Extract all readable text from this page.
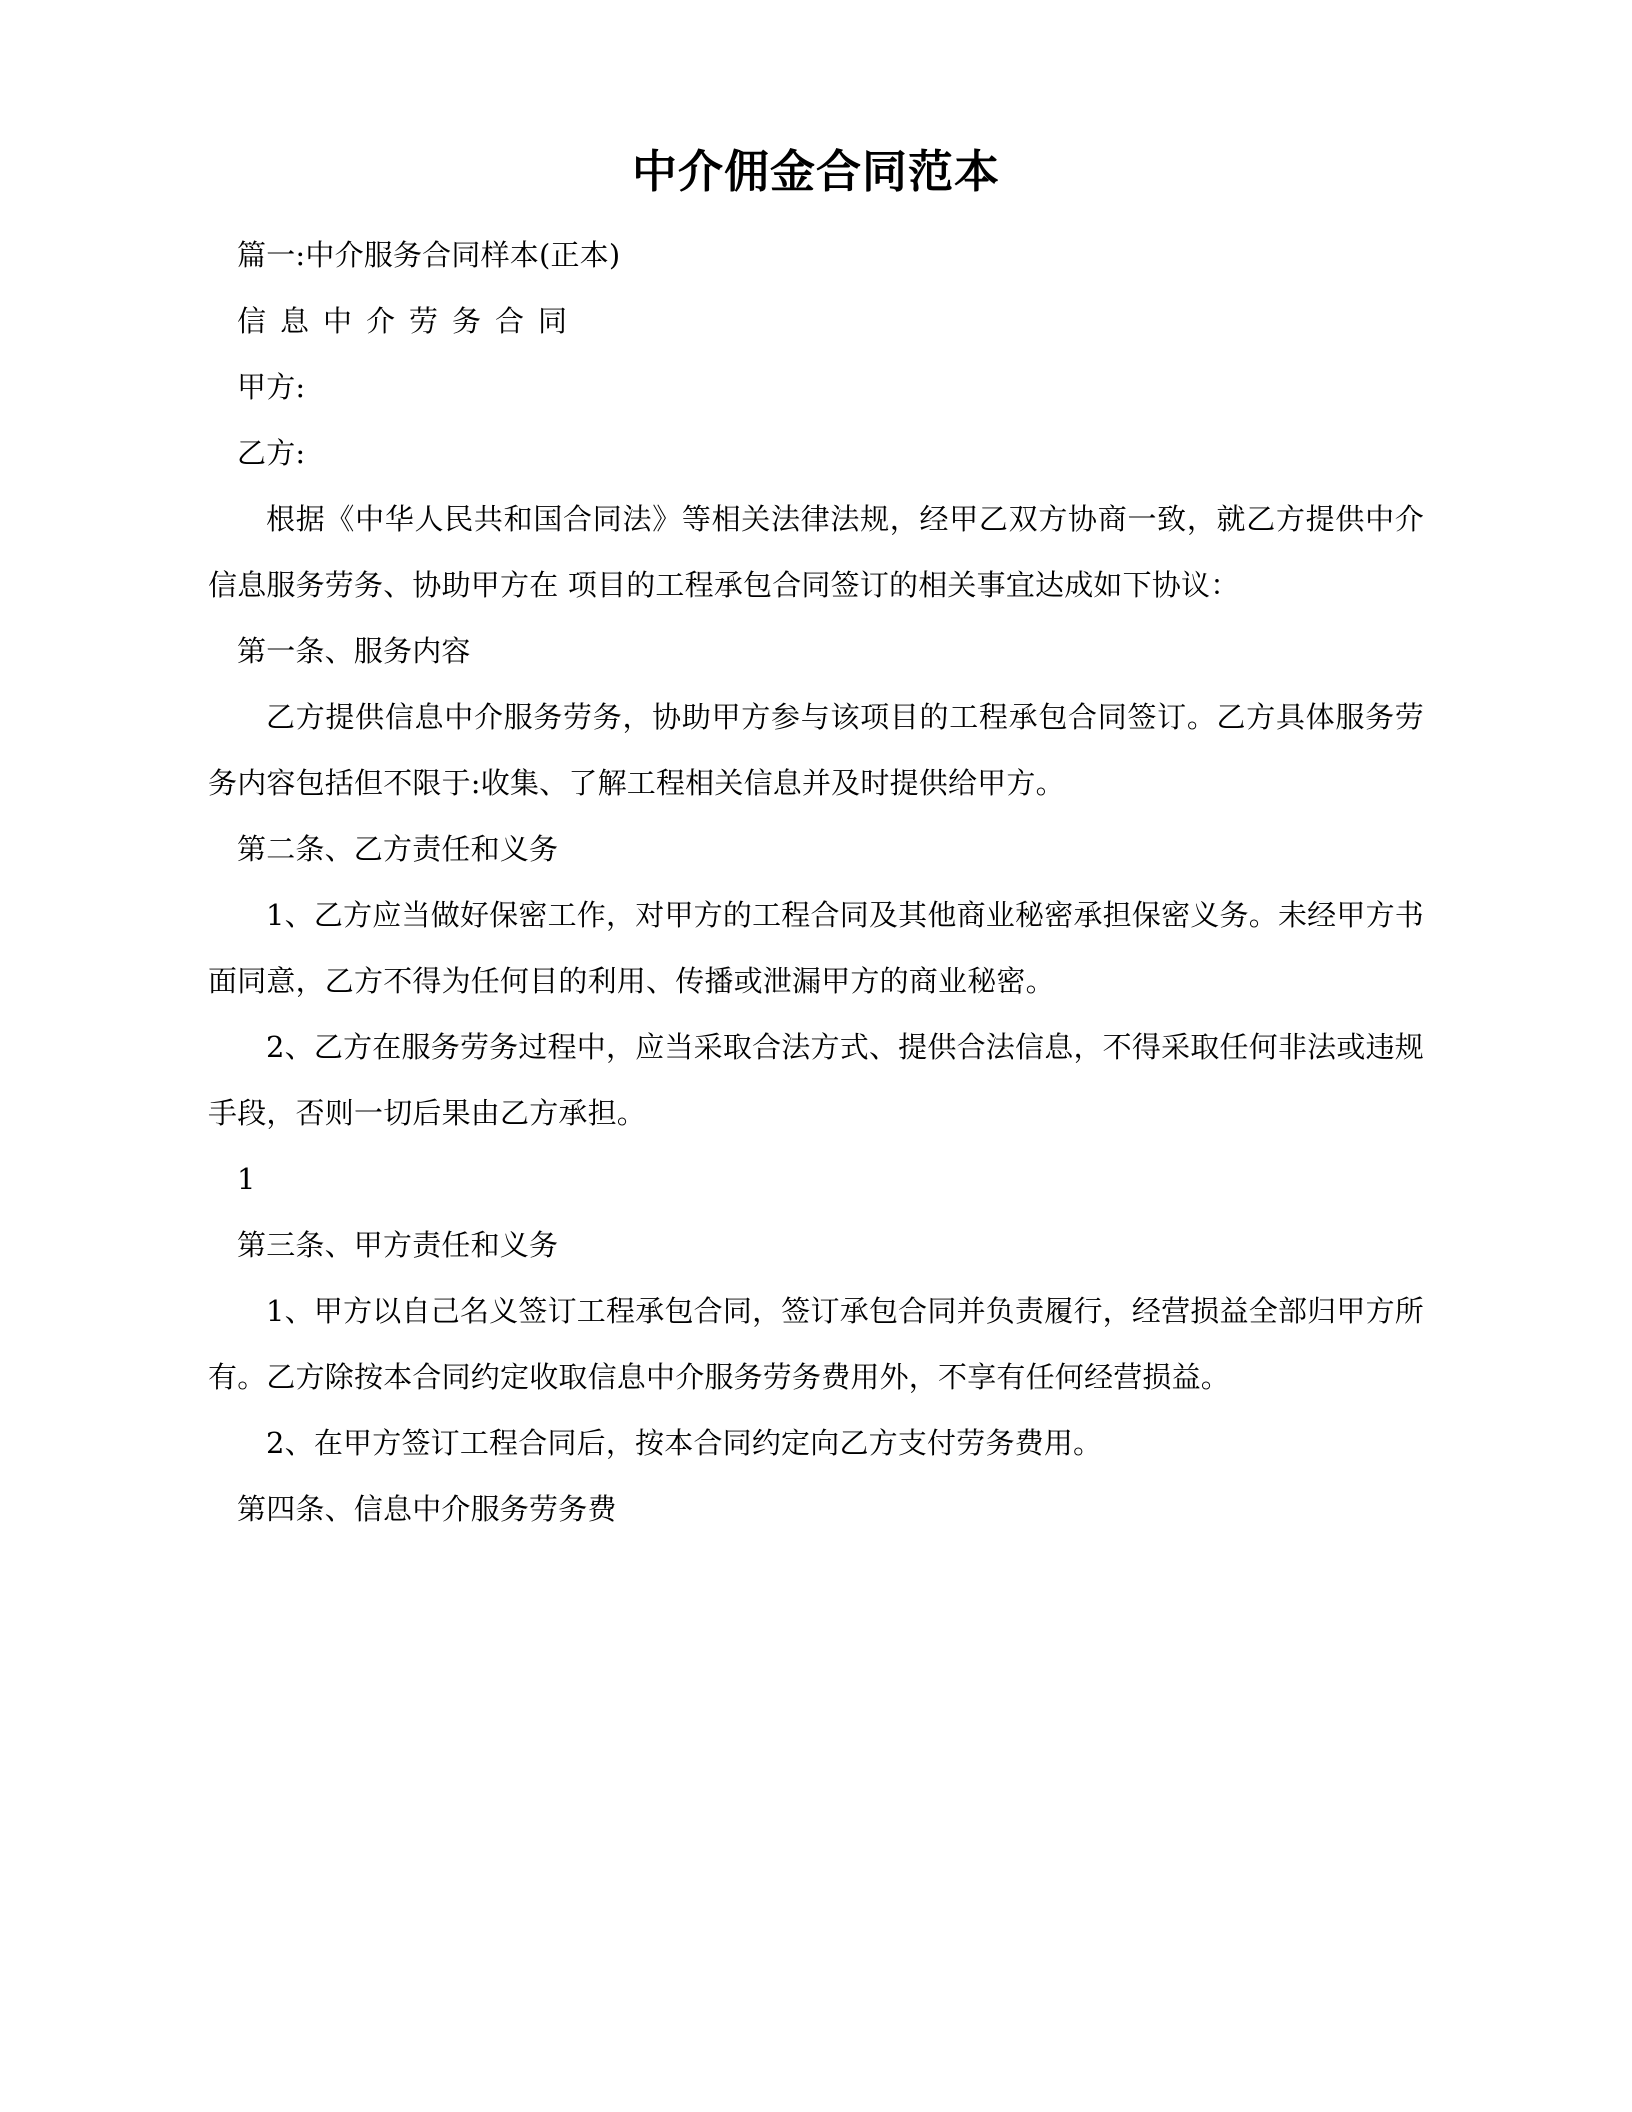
中介佣金合同范本

篇一:中介服务合同样本(正本)

信息中介劳务合同

甲方:

乙方:

根据《中华人民共和国合同法》等相关法律法规，经甲乙双方协商一致，就乙方提供中介信息服务劳务、协助甲方在 项目的工程承包合同签订的相关事宜达成如下协议：

第一条、服务内容

乙方提供信息中介服务劳务，协助甲方参与该项目的工程承包合同签订。乙方具体服务劳务内容包括但不限于:收集、了解工程相关信息并及时提供给甲方。

第二条、乙方责任和义务

1、乙方应当做好保密工作，对甲方的工程合同及其他商业秘密承担保密义务。未经甲方书面同意，乙方不得为任何目的利用、传播或泄漏甲方的商业秘密。

2、乙方在服务劳务过程中，应当采取合法方式、提供合法信息，不得采取任何非法或违规手段，否则一切后果由乙方承担。

1

第三条、甲方责任和义务

1、甲方以自己名义签订工程承包合同，签订承包合同并负责履行，经营损益全部归甲方所有。乙方除按本合同约定收取信息中介服务劳务费用外，不享有任何经营损益。

2、在甲方签订工程合同后，按本合同约定向乙方支付劳务费用。

第四条、信息中介服务劳务费
